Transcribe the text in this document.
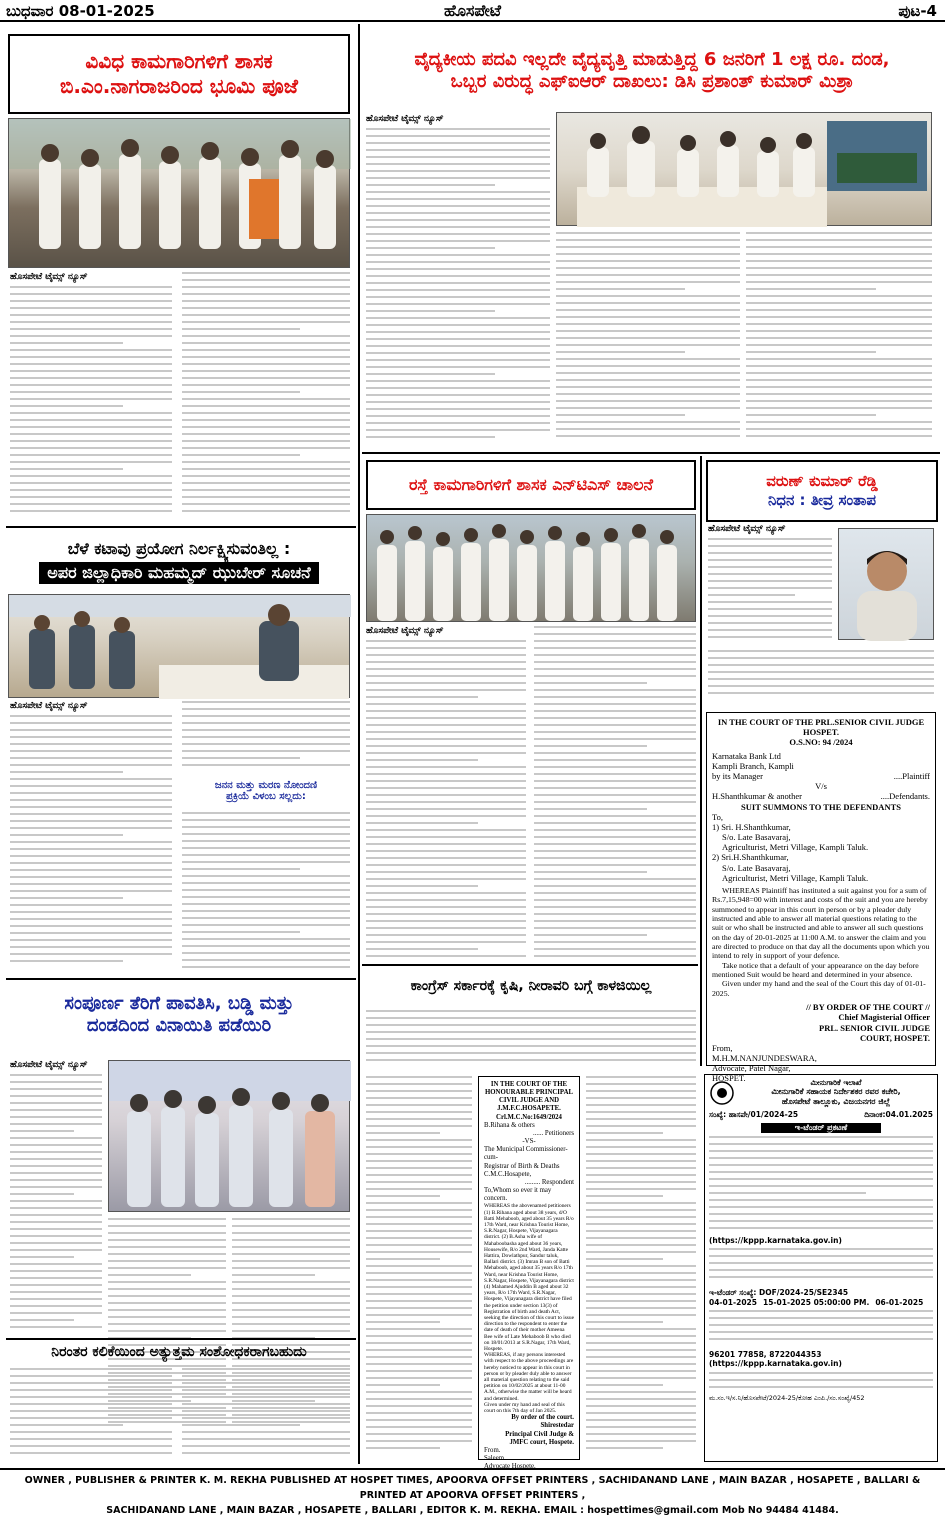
ಬುಧವಾರ 08-01-2025	ಹೊಸಪೇಟೆ	ಪುಟ-4
ವಿವಿಧ ಕಾಮಗಾರಿಗಳಿಗೆ ಶಾಸಕ
ಬಿ.ಎಂ.ನಾಗರಾಜರಿಂದ ಭೂಮಿ ಪೂಜೆ
ಹೊಸಪೇಟೆ ಟೈಮ್ಸ್ ನ್ಯೂಸ್
ಬೆಳೆ ಕಟಾವು ಪ್ರಯೋಗ ನಿರ್ಲಕ್ಷ್ಯಿಸುವಂತಿಲ್ಲ :
ಅಪರ ಜಿಲ್ಲಾಧಿಕಾರಿ ಮಹಮ್ಮದ್ ಝುಬೇರ್ ಸೂಚನೆ
ಹೊಸಪೇಟೆ ಟೈಮ್ಸ್ ನ್ಯೂಸ್
ಜನನ ಮತ್ತು ಮರಣ ನೋಂದಣಿ
ಪ್ರಕ್ರಿಯೆ ವಿಳಂಬ ಸಲ್ಲದು:
ಸಂಪೂರ್ಣ ತೆರಿಗೆ ಪಾವತಿಸಿ, ಬಡ್ಡಿ ಮತ್ತು
ದಂಡದಿಂದ ವಿನಾಯಿತಿ ಪಡೆಯಿರಿ
ಹೊಸಪೇಟೆ ಟೈಮ್ಸ್ ನ್ಯೂಸ್
ನಿರಂತರ ಕಲಿಕೆಯಿಂದ ಅತ್ಯುತ್ತಮ ಸಂಶೋಧಕರಾಗಬಹುದು
ವೈದ್ಯಕೀಯ ಪದವಿ ಇಲ್ಲದೇ ವೈದ್ಯವೃತ್ತಿ ಮಾಡುತ್ತಿದ್ದ 6 ಜನರಿಗೆ 1 ಲಕ್ಷ ರೂ. ದಂಡ,
ಒಬ್ಬರ ವಿರುದ್ಧ ಎಫ್‌ಐಆರ್ ದಾಖಲು: ಡಿಸಿ ಪ್ರಶಾಂತ್ ಕುಮಾರ್ ಮಿಶ್ರಾ
ಹೊಸಪೇಟೆ ಟೈಮ್ಸ್ ನ್ಯೂಸ್
ರಸ್ತೆ ಕಾಮಗಾರಿಗಳಿಗೆ ಶಾಸಕ ಎನ್‌ಟಿಎಸ್ ಚಾಲನೆ
ಹೊಸಪೇಟೆ ಟೈಮ್ಸ್ ನ್ಯೂಸ್
ಕಾಂಗ್ರೆಸ್ ಸರ್ಕಾರಕ್ಕೆ ಕೃಷಿ, ನೀರಾವರಿ ಬಗ್ಗೆ ಕಾಳಜಿಯಿಲ್ಲ
ವರುಣ್ ಕುಮಾರ್ ರೆಡ್ಡಿ
ನಿಧನ : ತೀವ್ರ ಸಂತಾಪ
ಹೊಸಪೇಟೆ ಟೈಮ್ಸ್ ನ್ಯೂಸ್
IN THE COURT OF THE PRL.SENIOR CIVIL JUDGE HOSPET.
O.S.NO: 94 /2024
Karnataka Bank Ltd
Kampli Branch, Kampli
by its Manager	....Plaintiff
V/s
H.Shanthkumar & another	....Defendants.
SUIT SUMMONS TO THE DEFENDANTS
To,
1) Sri. H.Shanthkumar,
S/o. Late Basavaraj,
Agriculturist, Metri Village, Kampli Taluk.
2) Sri.H.Shanthkumar,
S/o. Late Basavaraj,
Agriculturist, Metri Village, Kampli Taluk.
WHEREAS Plaintiff has instituted a suit against you for a sum of Rs.7,15,948=00 with interest and costs of the suit and you are hereby summoned to appear in this court in person or by a pleader duly instructed and able to answer all material questions relating to the suit or who shall be instructed and able to answer all such questions on the day of 20-01-2025 at 11:00 A.M. to answer the claim and you are directed to produce on that day all the documents upon which you intend to rely in support of your defence.
Take notice that a default of your appearance on the day before mentioned Suit would be heard and determined in your absence.
Given under my hand and the seal of the Court this day of 01-01-2025.
// BY ORDER OF THE COURT //
Chief Magisterial Officer
PRL. SENIOR CIVIL JUDGE
COURT, HOSPET.
From,
M.H.M.NANJUNDESWARA,
Advocate, Patel Nagar,
HOSPET.
IN THE COURT OF THE HONOURABLE PRINCIPAL CIVIL JUDGE AND J.M.F.C.HOSAPETE.
Crl.M.C.No:1649/2024
B.Rihana & others
...... Petitioners
-VS-
The Municipal Commissioner-cum-
Registrar of Birth & Deaths
C.M.C.Hosapete,
......... Respondent
To,Whom so ever it may concern.
WHEREAS the abovenamed petitioners (1) B.Rihana aged about 38 years, d/O Batti Mehaboob, aged about 35 years R/o 17th Ward, near Krishna Tourist Home, S.R.Nagar, Hospete, Vijayanagara district. (2) B.Asha wife of Mahaboobasha aged about 36 years, Housewife, R/o 2nd Ward, Janda Katte Hattira, Dowlathpur, Sandur taluk, Ballari district. (3) Imran B son of Batti Mehaboob, aged about 35 years R/o 17th Ward, near Krishna Tourist Home, S.R.Nagar, Hospete, Vijayanagara district (4) Mahamed Ajuddin B aged about 32 years, R/o 17th Ward, S.R.Nagar, Hospete, Vijayanagara district have filed the petition under section 13(3) of Registration of birth and death Act, seeking the direction of this court to issue direction to the respondent to enter the date of death of their mother Ameena Bee wife of Late Mehaboob B who died on 18/01/2013 at S.R.Nagar, 17th Ward, Hospete.
WHEREAS, if any persons interested with respect to the above proceedings are hereby noticed to appear in this court in person or by pleader duly able to answer all material question relating to the said petition on 10/02/2025 at about 11-00 A.M., otherwise the matter will be heard and determined.
Given under my hand and seal of this court on this 7th day of Jan 2025.
By order of the court.
Shirestedar
Principal Civil Judge &
JMFC court, Hospete.
From.
Saleem.
Advocate Hospete.
ಮೀನುಗಾರಿಕೆ ಇಲಾಖೆ
ಮೀನುಗಾರಿಕೆ ಸಹಾಯಕ ನಿರ್ದೇಶಕರ ರವರ ಕಚೇರಿ,
ಹೊಸಪೇಟೆ ತಾಲ್ಲೂಕು, ವಿಜಯನಗರ ಜಿಲ್ಲೆ
ಸಂಖ್ಯೆ: ಹಾಸಪೇ/01/2024-25	ದಿನಾಂಕ:04.01.2025
ಇ-ಟೆಂಡರ್ ಪ್ರಕಟಣೆ
(https://kppp.karnataka.gov.in)
ಇ-ಟೆಂಡರ್ ಸಂಖ್ಯೆ: DOF/2024-25/SE2345
04-01-2025 15-01-2025 05:00:00 PM. 06-01-2025
96201 77858, 8722044353
(https://kppp.karnataka.gov.in)
ಮ.ಸಂ.ಇ/ಸ.ನಿ/ಹೊಸಪೇಟೆ/2024-25/ಕೋಹ ಎಂಪಿ./ಸಂ.ಸಂಖ್ಯೆ/452
OWNER , PUBLISHER & PRINTER K. M. REKHA PUBLISHED AT HOSPET TIMES, APOORVA OFFSET PRINTERS , SACHIDANAND LANE , MAIN BAZAR , HOSAPETE , BALLARI & PRINTED AT APOORVA OFFSET PRINTERS ,
SACHIDANAND LANE , MAIN BAZAR , HOSAPETE , BALLARI , EDITOR K. M. REKHA. EMAIL : hospettimes@gmail.com Mob No 94484 41484.
